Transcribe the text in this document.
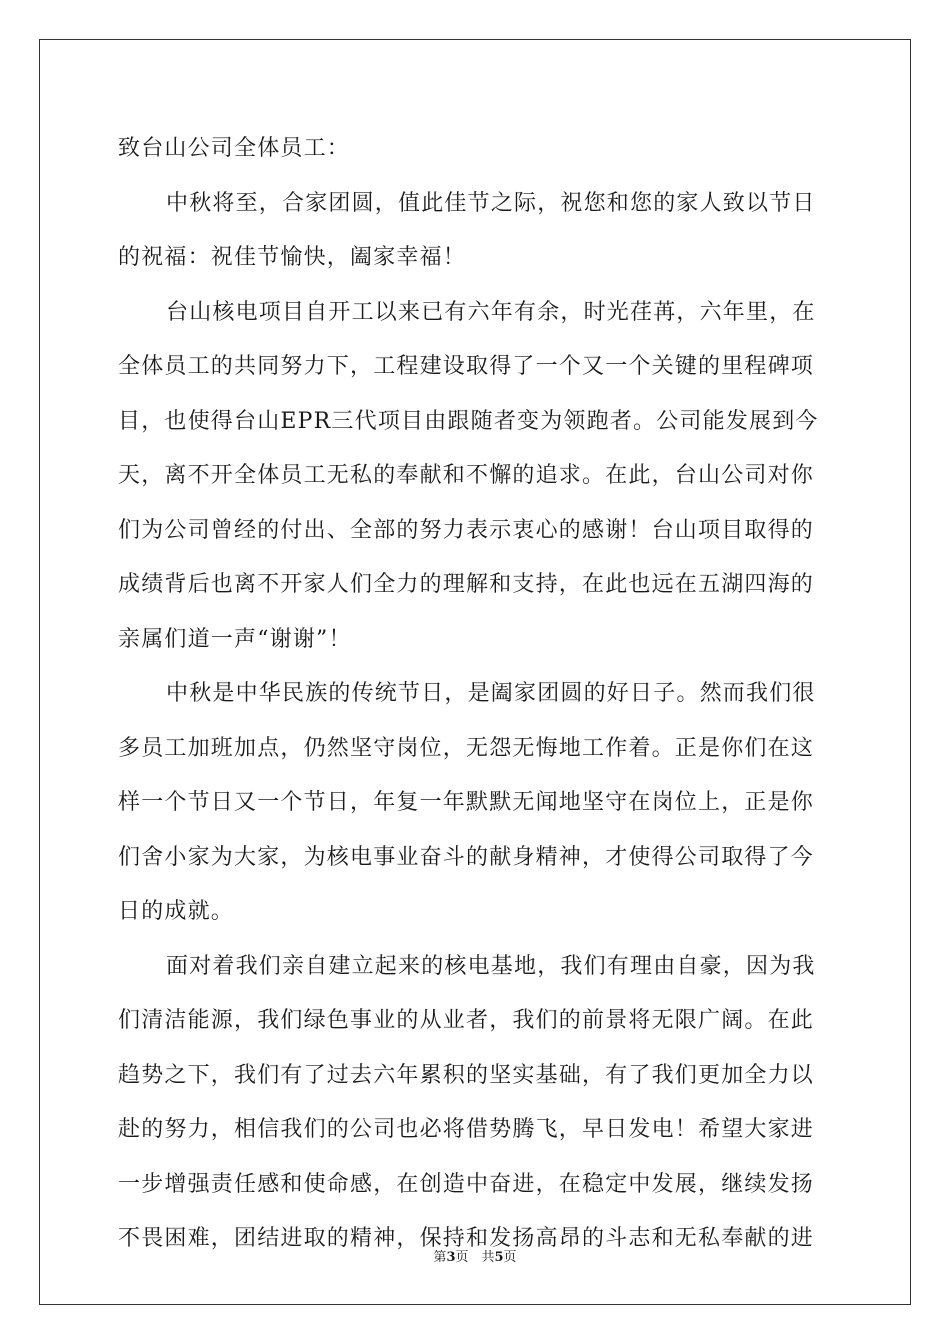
致台山公司全体员工：
中秋将至，合家团圆，值此佳节之际，祝您和您的家人致以节日
的祝福：祝佳节愉快，阖家幸福！
台山核电项目自开工以来已有六年有余，时光荏苒，六年里，在
全体员工的共同努力下，工程建设取得了一个又一个关键的里程碑项
目，也使得台山EPR三代项目由跟随者变为领跑者。公司能发展到今
天，离不开全体员工无私的奉献和不懈的追求。在此，台山公司对你
们为公司曾经的付出、全部的努力表示衷心的感谢！台山项目取得的
成绩背后也离不开家人们全力的理解和支持，在此也远在五湖四海的
亲属们道一声“谢谢”！
中秋是中华民族的传统节日，是阖家团圆的好日子。然而我们很
多员工加班加点，仍然坚守岗位，无怨无悔地工作着。正是你们在这
样一个节日又一个节日，年复一年默默无闻地坚守在岗位上，正是你
们舍小家为大家，为核电事业奋斗的献身精神，才使得公司取得了今
日的成就。
面对着我们亲自建立起来的核电基地，我们有理由自豪，因为我
们清洁能源，我们绿色事业的从业者，我们的前景将无限广阔。在此
趋势之下，我们有了过去六年累积的坚实基础，有了我们更加全力以
赴的努力，相信我们的公司也必将借势腾飞，早日发电！希望大家进
一步增强责任感和使命感，在创造中奋进，在稳定中发展，继续发扬
不畏困难，团结进取的精神，保持和发扬高昂的斗志和无私奉献的进
第3页　共5页
